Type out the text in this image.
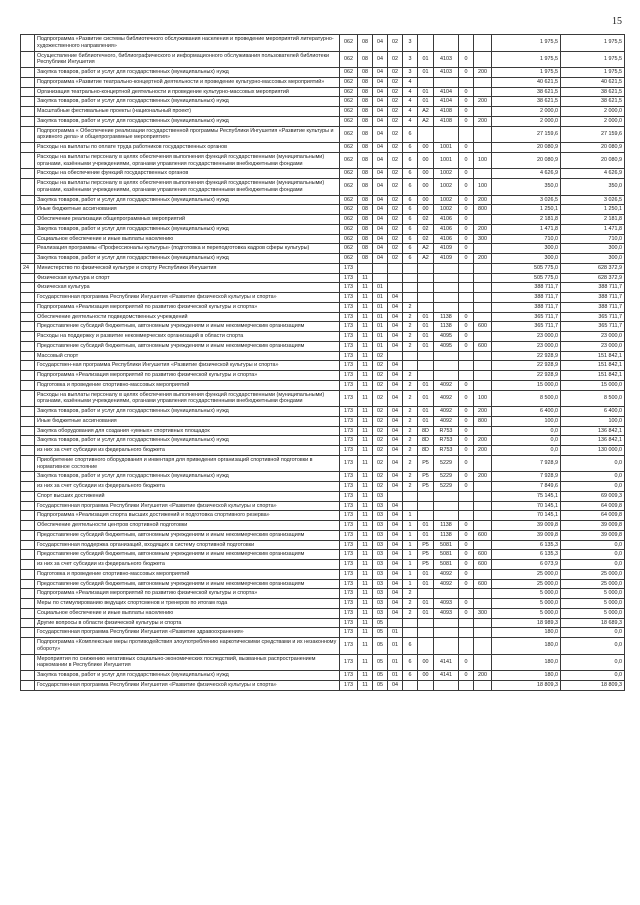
15
	Подпрограмма «Развитие системы библиотечного обслуживания населения и проведение мероприятий литературно-художественного направления»	062	08	04	02	3					1 975,5	1 975,5
	Осуществление библиотечного, библиографического и информационного обслуживания пользователей библиотеки Республики Ингушетия	062	08	04	02	3	01	4103	0		1 975,5	1 975,5
	Закупка товаров, работ и услуг для государственных (муниципальных) нужд	062	08	04	02	3	01	4103	0	200	1 975,5	1 975,5
	Подпрограмма «Развитие театрально-концертной деятельности и проведение культурно-массовых мероприятий»	062	08	04	02	4					40 621,5	40 621,5
	Организация театрально-концертной деятельности и проведение культурно-массовых мероприятий	062	08	04	02	4	01	4104	0		38 621,5	38 621,5
	Закупка товаров, работ и услуг для государственных (муниципальных) нужд	062	08	04	02	4	01	4104	0	200	38 621,5	38 621,5
	Масштабные фестивальные проекты (национальный проект)	062	08	04	02	4	A2	4108	0		2 000,0	2 000,0
	Закупка товаров, работ и услуг для государственных (муниципальных) нужд	062	08	04	02	4	A2	4108	0	200	2 000,0	2 000,0
	Подпрограмма « Обеспечение реализации государственной программы Республики Ингушетия «Развитие культуры и архивного дела» и общепрограммные мероприятия»	062	08	04	02	6					27 159,6	27 159,6
	Расходы на выплаты по оплате труда работников государственных органов	062	08	04	02	6	00	1001	0		20 080,9	20 080,9
	Расходы на выплаты персоналу в целях обеспечения выполнения функций государственными (муниципальными) органами, казёнными учреждениями, органами управления государственными внебюджетными фондами	062	08	04	02	6	00	1001	0	100	20 080,9	20 080,9
	Расходы на обеспечение функций государственных органов	062	08	04	02	6	00	1002	0		4 626,9	4 626,9
	Расходы на выплаты персоналу в целях обеспечения выполнения функций государственными (муниципальными) органами, казёнными учреждениями, органами управления государственными внебюджетными фондами	062	08	04	02	6	00	1002	0	100	350,0	350,0
	Закупка товаров, работ и услуг для государственных (муниципальных) нужд	062	08	04	02	6	00	1002	0	200	3 026,5	3 026,5
	Иные бюджетные ассигнования	062	08	04	02	6	00	1002	0	800	1 250,1	1 250,1
	Обеспечение реализации общепрограммных мероприятий	062	08	04	02	6	02	4106	0		2 181,8	2 181,8
	Закупка товаров, работ и услуг для государственных (муниципальных) нужд	062	08	04	02	6	02	4106	0	200	1 471,8	1 471,8
	Социальное обеспечение и иные выплаты населению	062	08	04	02	6	02	4106	0	300	710,0	710,0
	Реализация программы «Профессионалы культуры» (подготовка и переподготовка кадров сферы культуры)	062	08	04	02	6	A2	4109	0		300,0	300,0
	Закупка товаров, работ и услуг для государственных (муниципальных) нужд	062	08	04	02	6	A2	4109	0	200	300,0	300,0
24	Министерство по физической культуре и спорту Республики Ингушетия	173									505 775,0	628 372,9
	Физическая культура и спорт	173	11								505 775,0	628 372,9
	Физическая культура	173	11	01							388 711,7	388 711,7
	Государственная программа Республики Ингушетия «Развитие физической культуры и спорта»	173	11	01	04						388 711,7	388 711,7
	Подпрограмма «Реализация мероприятий по развитию физической культуры и спорта»	173	11	01	04	2					388 711,7	388 711,7
	Обеспечение деятельности подведомственных учреждений	173	11	01	04	2	01	1138	0		365 711,7	365 711,7
	Предоставление субсидий бюджетным, автономным учреждениям и иным некоммерческим организациям	173	11	01	04	2	01	1138	0	600	365 711,7	365 711,7
	Расходы на поддержку и развитие некоммерческих организаций в области спорта	173	11	01	04	2	01	4095	0		23 000,0	23 000,0
	Предоставление субсидий бюджетным, автономным учреждениям и иным некоммерческим организациям	173	11	01	04	2	01	4095	0	600	23 000,0	23 000,0
	Массовый спорт	173	11	02							22 928,9	151 842,1
	Государствен-ная программа Республики Ингушетия «Развитие физической культуры и спорта»	173	11	02	04						22 928,9	151 842,1
	Подпрограмма «Реализация мероприятий по развитию физической культуры и спорта»	173	11	02	04	2					22 928,9	151 842,1
	Подготовка и проведение спортивно-массовых мероприятий	173	11	02	04	2	01	4092	0		15 000,0	15 000,0
	Расходы на выплаты персоналу в целях обеспечения выполнения функций государственными (муниципальными) органами, казёнными учреждениями, органами управления государственными внебюджетными фондами	173	11	02	04	2	01	4092	0	100	8 500,0	8 500,0
	Закупка товаров, работ и услуг для государственных (муниципальных) нужд	173	11	02	04	2	01	4092	0	200	6 400,0	6 400,0
	Иные бюджетные ассигнования	173	11	02	04	2	01	4092	0	800	100,0	100,0
	Закупка оборудования для создания «умных» спортивных площадок	173	11	02	04	2	8D	R753	0		0,0	136 842,1
	Закупка товаров, работ и услуг для государственных (муниципальных) нужд	173	11	02	04	2	8D	R753	0	200	0,0	136 842,1
	из них за счет субсидии из федерального бюджета	173	11	02	04	2	8D	R753	0	200	0,0	130 000,0
	Приобретение спортивного оборудования и инвентаря для приведения организаций спортивной подготовки в нормативное состояние	173	11	02	04	2	P5	5229	0		7 928,9	0,0
	Закупка товаров, работ и услуг для государственных (муниципальных) нужд	173	11	02	04	2	P5	5229	0	200	7 928,9	0,0
	из них за счет субсидии из федерального бюджета	173	11	02	04	2	P5	5229	0		7 849,6	0,0
	Спорт высших достижений	173	11	03							75 145,1	69 009,3
	Государственная программа Республики Ингушетия «Развитие физической культуры и спорта»	173	11	03	04						70 145,1	64 009,8
	Подпрограмма «Реализация спорта высших достижений и подготовка спортивного резерва»	173	11	03	04	1					70 145,1	64 009,8
	Обеспечение деятельности центров спортивной подготовки	173	11	03	04	1	01	1138	0		39 009,8	39 009,8
	Предоставление субсидий бюджетным, автономным учреждениям и иным некоммерческим организациям	173	11	03	04	1	01	1138	0	600	39 009,8	39 009,8
	Государственная поддержка организаций, входящих в систему спортивной подготовки	173	11	03	04	1	P5	5081	0		6 135,3	0,0
	Предоставление субсидий бюджетным, автономным учреждениям и иным некоммерческим организациям	173	11	03	04	1	P5	5081	0	600	6 135,3	0,0
	из них за счет субсидии из федерального бюджета	173	11	03	04	1	P5	5081	0	600	6 073,9	0,0
	Подготовка и проведение спортивно-массовых мероприятий	173	11	03	04	1	01	4092	0		25 000,0	25 000,0
	Предоставление субсидий бюджетным, автономным учреждениям и иным некоммерческим организациям	173	11	03	04	1	01	4092	0	600	25 000,0	25 000,0
	Подпрограмма «Реализация мероприятий по развитию физической культуры и спорта»	173	11	03	04	2					5 000,0	5 000,0
	Меры по стимулированию ведущих спортсменов и тренеров по итогам года	173	11	03	04	2	01	4093	0		5 000,0	5 000,0
	Социальное обеспечение и иные выплаты населению	173	11	03	04	2	01	4093	0	300	5 000,0	5 000,0
	Другие вопросы в области физической культуры и спорта	173	11	05							18 989,3	18 689,3
	Государственная программа Республики Ингушетия «Развитие здравоохранения»	173	11	05	01						180,0	0,0
	Подпрограмма «Комплексные меры противодействия злоупотреблению наркотическими средствами и их незаконному обороту»	173	11	05	01	6					180,0	0,0
	Мероприятия по снижению негативных социально-экономических последствий, вызванных распространением наркомании в Республике Ингушетия	173	11	05	01	6	00	4141	0		180,0	0,0
	Закупка товаров, работ и услуг для государственных (муниципальных) нужд	173	11	05	01	6	00	4141	0	200	180,0	0,0
	Государственная программа Республики Ингушетия «Развитие физической культуры и спорта»	173	11	05	04						18 809,3	18 809,3
